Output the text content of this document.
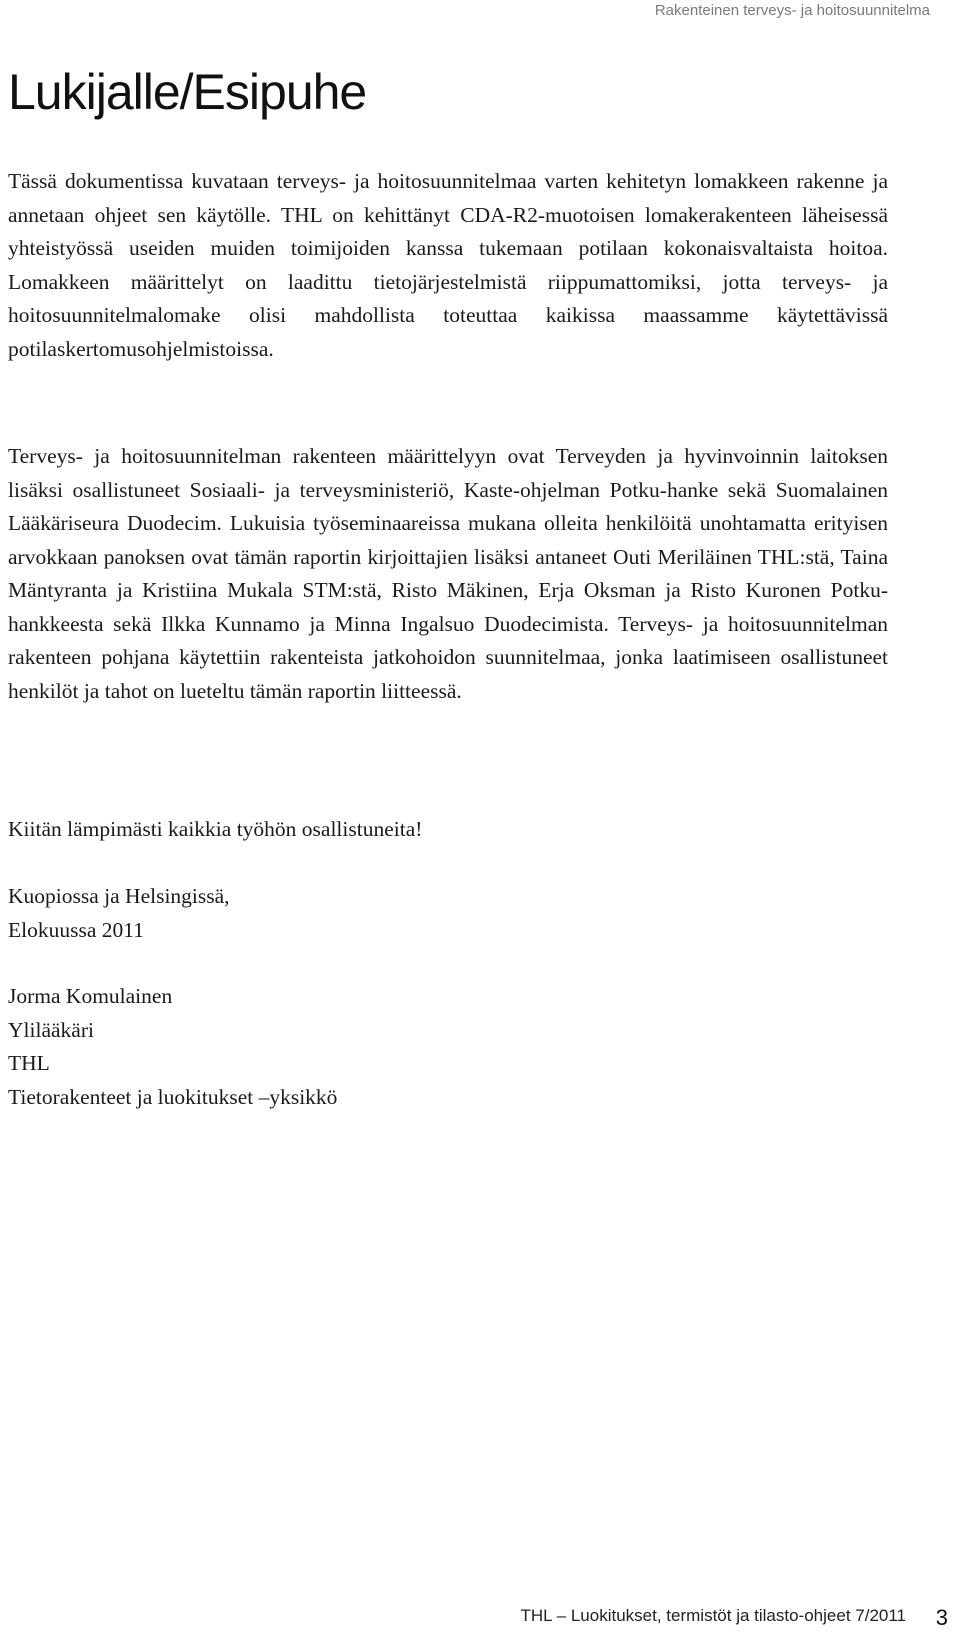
Rakenteinen terveys- ja hoitosuunnitelma
Lukijalle/Esipuhe

Tässä dokumentissa kuvataan terveys- ja hoitosuunnitelmaa varten kehitetyn lomakkeen rakenne ja annetaan ohjeet sen käytölle. THL on kehittänyt CDA-R2-muotoisen lomakerakenteen läheisessä yhteistyössä useiden muiden toimijoiden kanssa tukemaan potilaan kokonaisvaltaista hoitoa. Lomakkeen määrittelyt on laadittu tietojärjestelmistä riippumattomiksi, jotta terveys- ja hoitosuunnitelmalomake olisi mahdollista toteuttaa kaikissa maassamme käytettävissä potilaskertomusohjelmistoissa.

Terveys- ja hoitosuunnitelman rakenteen määrittelyyn ovat Terveyden ja hyvinvoinnin laitoksen lisäksi osallistuneet Sosiaali- ja terveysministeriö, Kaste-ohjelman Potku-hanke sekä Suomalainen Lääkäriseura Duodecim. Lukuisia työseminaareissa mukana olleita henkilöitä unohtamatta erityisen arvokkaan panoksen ovat tämän raportin kirjoittajien lisäksi antaneet Outi Meriläinen THL:stä, Taina Mäntyranta ja Kristiina Mukala STM:stä, Risto Mäkinen, Erja Oksman ja Risto Kuronen Potku-hankkeesta sekä Ilkka Kunnamo ja Minna Ingalsuo Duodecimista. Terveys- ja hoitosuunnitelman rakenteen pohjana käytettiin rakenteista jatkohoidon suunnitelmaa, jonka laatimiseen osallistuneet henkilöt ja tahot on lueteltu tämän raportin liitteessä.

Kiitän lämpimästi kaikkia työhön osallistuneita!

Kuopiossa ja Helsingissä,
Elokuussa 2011
Jorma Komulainen
Ylilääkäri
THL
Tietorakenteet ja luokitukset –yksikkö
THL – Luokitukset, termistöt ja tilasto-ohjeet 7/2011 3
